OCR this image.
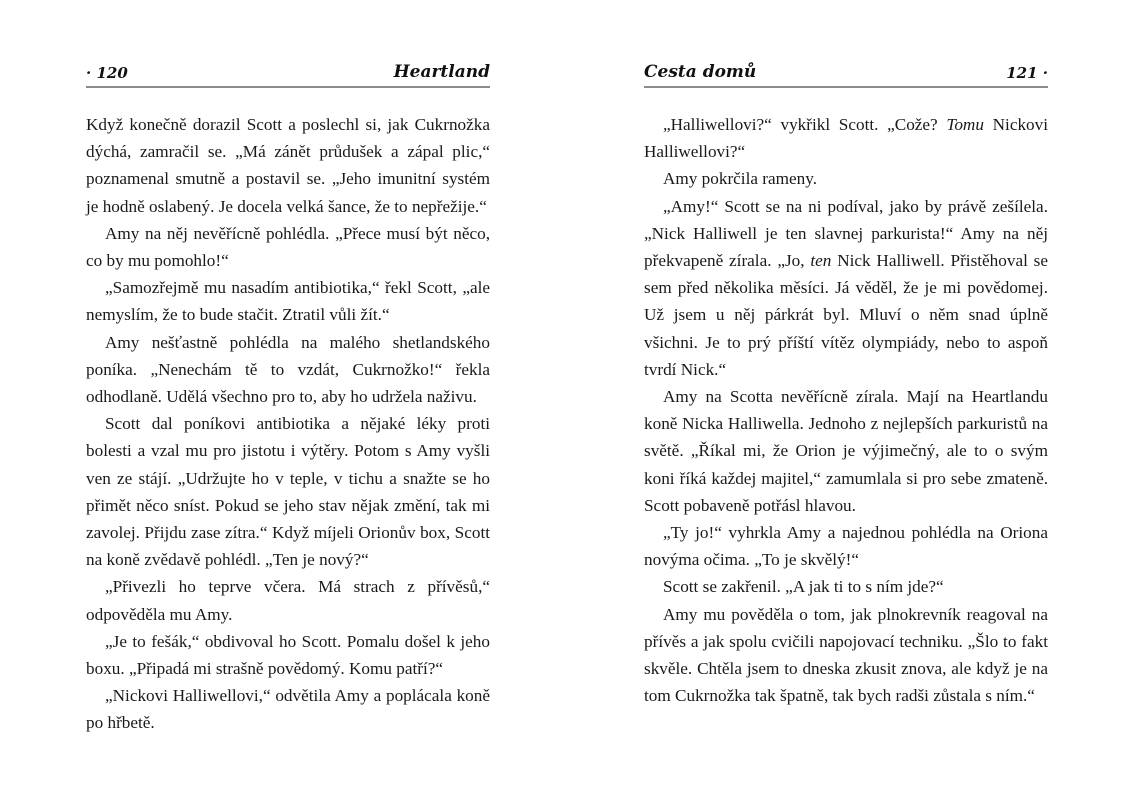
· 120	Heartland

Když konečně dorazil Scott a poslechl si, jak Cukrnožka dýchá, zamračil se. „Má zánět průdušek a zápal plic,“ poznamenal smutně a postavil se. „Jeho imunitní systém je hodně oslabený. Je docela velká šance, že to nepřežije.“

Amy na něj nevěřícně pohlédla. „Přece musí být něco, co by mu pomohlo!“

„Samozřejmě mu nasadím antibiotika,“ řekl Scott, „ale nemyslím, že to bude stačit. Ztratil vůli žít.“

Amy nešťastně pohlédla na malého shetlandského poníka. „Nenechám tě to vzdát, Cukrnožko!“ řekla odhodlaně. Udělá všechno pro to, aby ho udržela naživu.

Scott dal poníkovi antibiotika a nějaké léky proti bolesti a vzal mu pro jistotu i výtěry. Potom s Amy vyšli ven ze stájí. „Udržujte ho v teple, v tichu a snažte se ho přimět něco sníst. Pokud se jeho stav nějak změní, tak mi zavolej. Přijdu zase zítra.“ Když míjeli Orionův box, Scott na koně zvědavě pohlédl. „Ten je nový?“

„Přivezli ho teprve včera. Má strach z přívěsů,“ odpověděla mu Amy.

„Je to fešák,“ obdivoval ho Scott. Pomalu došel k jeho boxu. „Připadá mi strašně povědomý. Komu patří?“

„Nickovi Halliwellovi,“ odvětila Amy a poplácala koně po hřbetě.

Cesta domů	121 ·

„Halliwellovi?“ vykřikl Scott. „Cože? Tomu Nickovi Halliwellovi?“

Amy pokrčila rameny.

„Amy!“ Scott se na ni podíval, jako by právě zešílela. „Nick Halliwell je ten slavnej parkurista!“ Amy na něj překvapeně zírala. „Jo, ten Nick Halliwell. Přistěhoval se sem před několika měsíci. Já věděl, že je mi povědomej. Už jsem u něj párkrát byl. Mluví o něm snad úplně všichni. Je to prý příští vítěz olympiády, nebo to aspoň tvrdí Nick.“

Amy na Scotta nevěřícně zírala. Mají na Heartlandu koně Nicka Halliwella. Jednoho z nejlepších parkuristů na světě. „Říkal mi, že Orion je výjimečný, ale to o svým koni říká každej majitel,“ zamumlala si pro sebe zmateně. Scott pobaveně potřásl hlavou.

„Ty jo!“ vyhrkla Amy a najednou pohlédla na Oriona novýma očima. „To je skvělý!“

Scott se zakřenil. „A jak ti to s ním jde?“

Amy mu pověděla o tom, jak plnokrevník reagoval na přívěs a jak spolu cvičili napojovací techniku. „Šlo to fakt skvěle. Chtěla jsem to dneska zkusit znova, ale když je na tom Cukrnožka tak špatně, tak bych radši zůstala s ním.“
